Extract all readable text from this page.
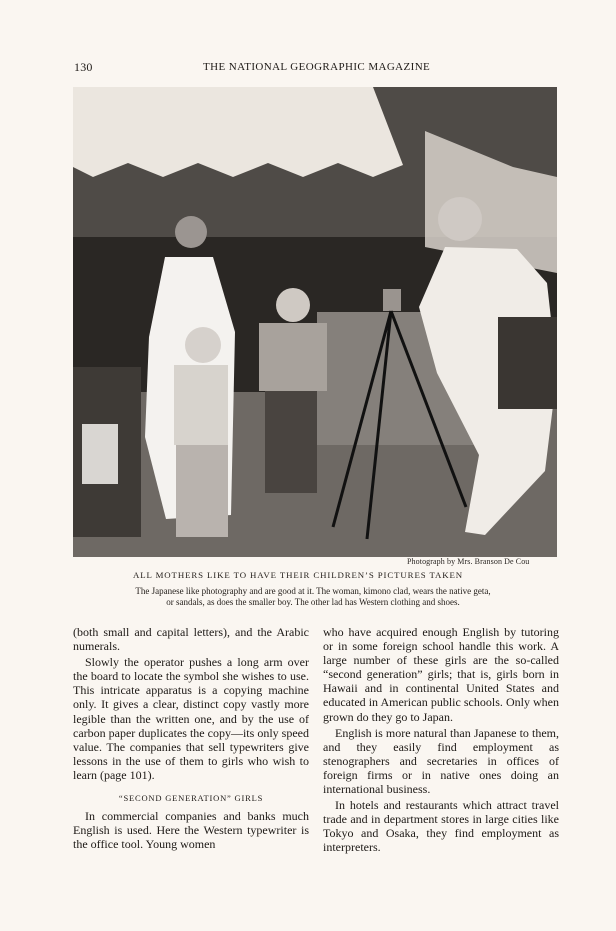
130	THE NATIONAL GEOGRAPHIC MAGAZINE
Photograph by Mrs. Branson De Cou
ALL MOTHERS LIKE TO HAVE THEIR CHILDREN’S PICTURES TAKEN
The Japanese like photography and are good at it. The woman, kimono clad, wears the native geta,
or sandals, as does the smaller boy. The other lad has Western clothing and shoes.

(both small and capital letters), and the Arabic numerals.

Slowly the operator pushes a long arm over the board to locate the symbol she wishes to use. This intricate apparatus is a copying machine only. It gives a clear, distinct copy vastly more legible than the written one, and by the use of carbon paper duplicates the copy—its only speed value. The companies that sell typewriters give lessons in the use of them to girls who wish to learn (page 101).

“SECOND GENERATION” GIRLS

In commercial companies and banks much English is used. Here the Western typewriter is the office tool. Young women

who have acquired enough English by tutoring or in some foreign school handle this work. A large number of these girls are the so-called “second generation” girls; that is, girls born in Hawaii and in continental United States and educated in American public schools. Only when grown do they go to Japan.

English is more natural than Japanese to them, and they easily find employment as stenographers and secretaries in offices of foreign firms or in native ones doing an international business.

In hotels and restaurants which attract travel trade and in department stores in large cities like Tokyo and Osaka, they find employment as interpreters.
